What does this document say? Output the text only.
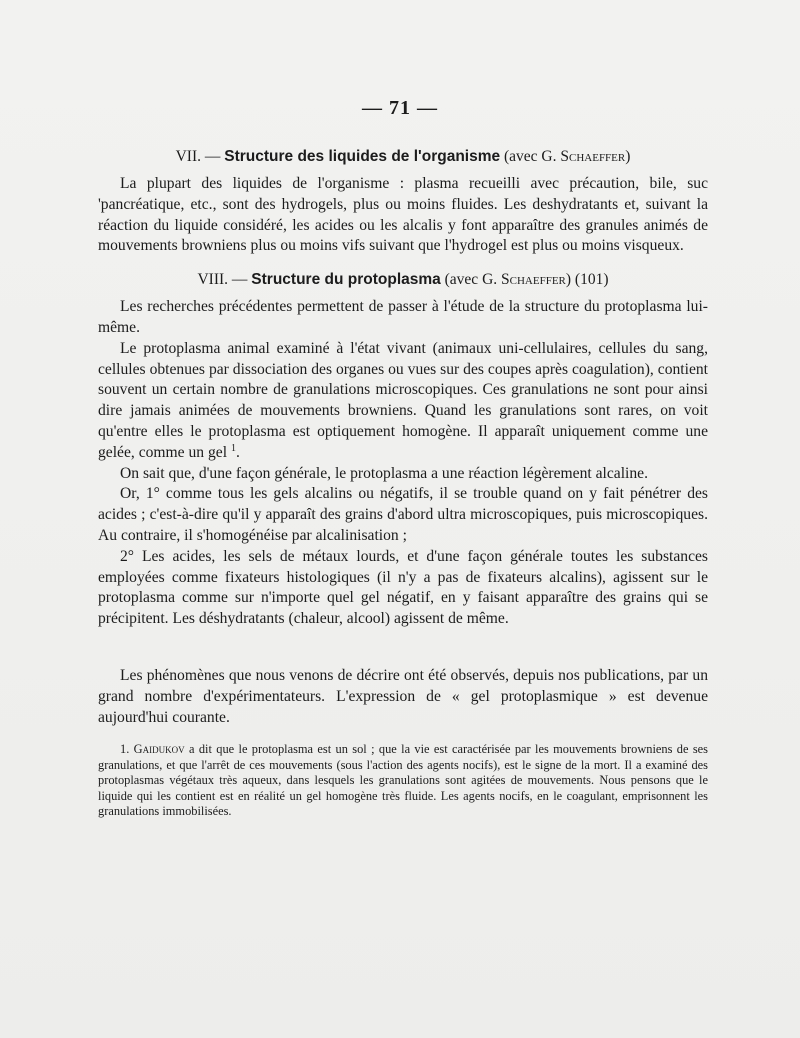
— 71 —
VII. — Structure des liquides de l'organisme (avec G. Schaeffer)

La plupart des liquides de l'organisme : plasma recueilli avec précaution, bile, suc 'pancréatique, etc., sont des hydrogels, plus ou moins fluides. Les deshydratants et, suivant la réaction du liquide considéré, les acides ou les alcalis y font apparaître des granules animés de mouvements browniens plus ou moins vifs suivant que l'hydrogel est plus ou moins visqueux.

VIII. — Structure du protoplasma (avec G. Schaeffer) (101)

Les recherches précédentes permettent de passer à l'étude de la structure du protoplasma lui-même.

Le protoplasma animal examiné à l'état vivant (animaux uni-cellulaires, cellules du sang, cellules obtenues par dissociation des organes ou vues sur des coupes après coagulation), contient souvent un certain nombre de granulations microscopiques. Ces granulations ne sont pour ainsi dire jamais animées de mouvements browniens. Quand les granulations sont rares, on voit qu'entre elles le protoplasma est optiquement homogène. Il apparaît uniquement comme une gelée, comme un gel $^1$.

On sait que, d'une façon générale, le protoplasma a une réaction légèrement alcaline.

Or, 1° comme tous les gels alcalins ou négatifs, il se trouble quand on y fait pénétrer des acides ; c'est-à-dire qu'il y apparaît des grains d'abord ultra microscopiques, puis microscopiques. Au contraire, il s'homogénéise par alcalinisation ;

2° Les acides, les sels de métaux lourds, et d'une façon générale toutes les substances employées comme fixateurs histologiques (il n'y a pas de fixateurs alcalins), agissent sur le protoplasma comme sur n'importe quel gel négatif, en y faisant apparaître des grains qui se précipitent. Les déshydratants (chaleur, alcool) agissent de même.

Les phénomènes que nous venons de décrire ont été observés, depuis nos publications, par un grand nombre d'expérimentateurs. L'expression de « gel protoplasmique » est devenue aujourd'hui courante.

1. Gaidukov a dit que le protoplasma est un sol ; que la vie est caractérisée par les mouvements browniens de ses granulations, et que l'arrêt de ces mouvements (sous l'action des agents nocifs), est le signe de la mort. Il a examiné des protoplasmas végétaux très aqueux, dans lesquels les granulations sont agitées de mouvements. Nous pensons que le liquide qui les contient est en réalité un gel homogène très fluide. Les agents nocifs, en le coagulant, emprisonnent les granulations immobilisées.
